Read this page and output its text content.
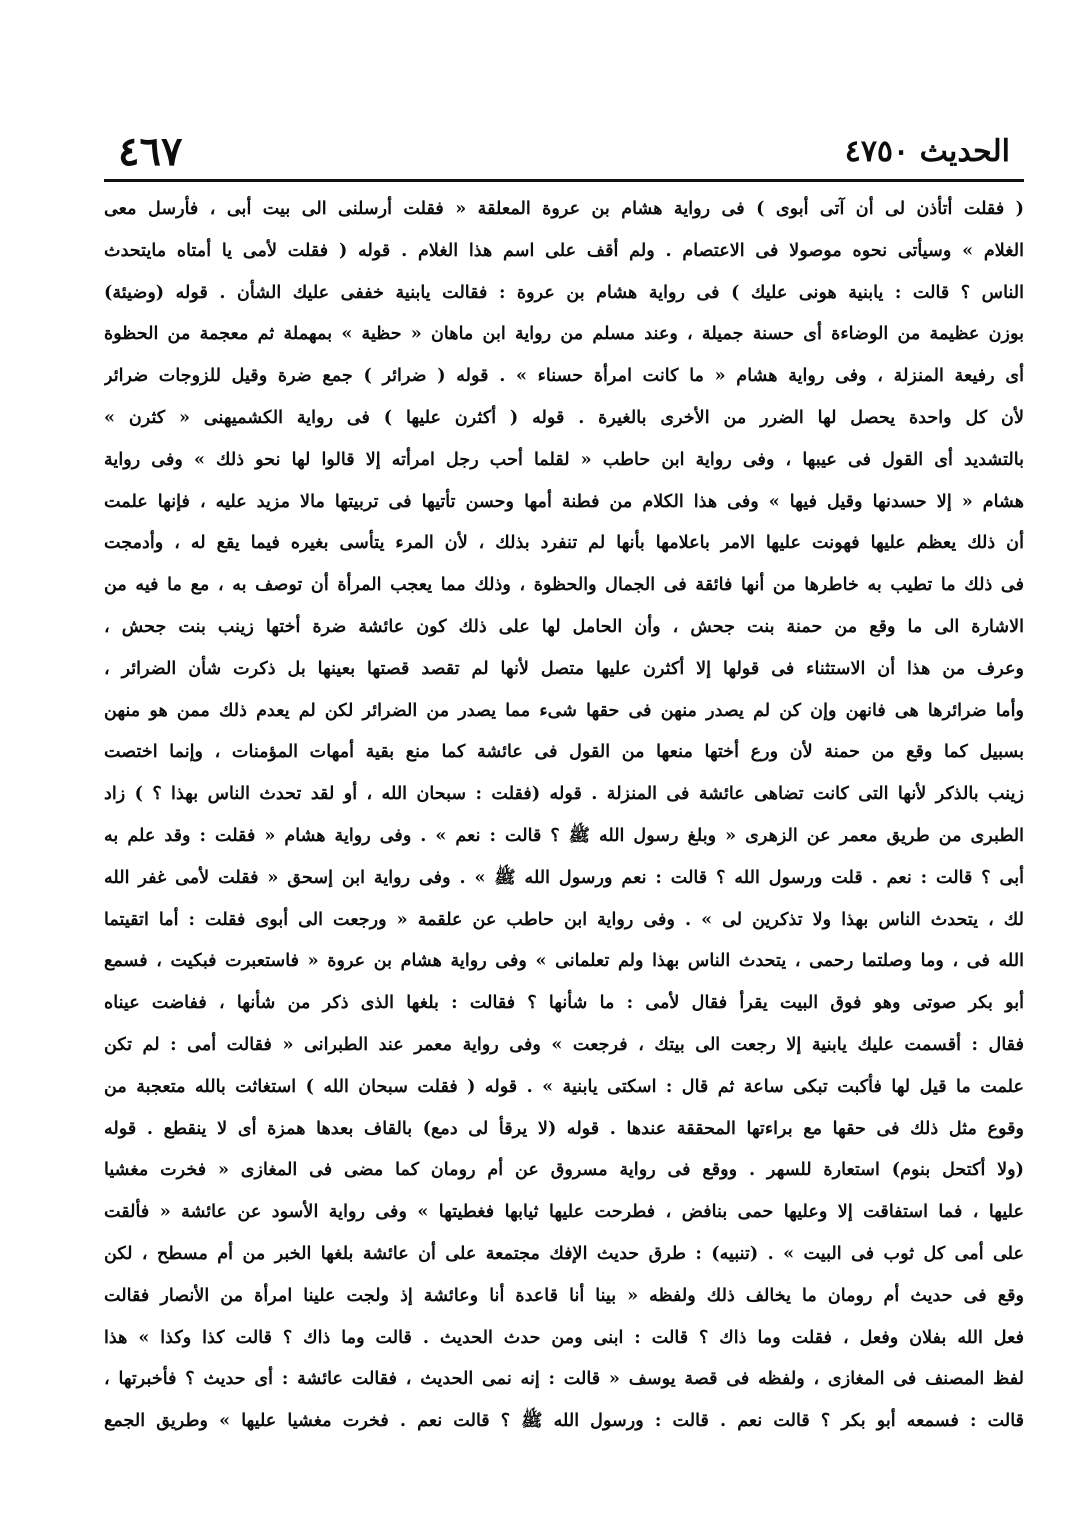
الحديث ٤٧٥٠
٤٦٧
( فقلت أتأذن لى أن آتى أبوى ) فى رواية هشام بن عروة المعلقة « فقلت أرسلنى الى بيت أبى ، فأرسل معى
الغلام » وسيأتى نحوه موصولا فى الاعتصام . ولم أقف على اسم هذا الغلام . قوله ( فقلت لأمى يا أمتاه مايتحدث
الناس ؟ قالت : يابنية هونى عليك ) فى رواية هشام بن عروة : فقالت يابنية خففى عليك الشأن . قوله (وضيئة)
بوزن عظيمة من الوضاءة أى حسنة جميلة ، وعند مسلم من رواية ابن ماهان « حظية » بمهملة ثم معجمة من الحظوة
أى رفيعة المنزلة ، وفى رواية هشام « ما كانت امرأة حسناء » . قوله ( ضرائر ) جمع ضرة وقيل للزوجات ضرائر
لأن كل واحدة يحصل لها الضرر من الأخرى بالغيرة . قوله ( أكثرن عليها ) فى رواية الكشميهنى « كثرن »
بالتشديد أى القول فى عيبها ، وفى رواية ابن حاطب « لقلما أحب رجل امرأته إلا قالوا لها نحو ذلك » وفى رواية
هشام « إلا حسدنها وقيل فيها » وفى هذا الكلام من فطنة أمها وحسن تأتيها فى تربيتها مالا مزيد عليه ، فإنها علمت
أن ذلك يعظم عليها فهونت عليها الامر باعلامها بأنها لم تنفرد بذلك ، لأن المرء يتأسى بغيره فيما يقع له ، وأدمجت
فى ذلك ما تطيب به خاطرها من أنها فائقة فى الجمال والحظوة ، وذلك مما يعجب المرأة أن توصف به ، مع ما فيه من
الاشارة الى ما وقع من حمنة بنت جحش ، وأن الحامل لها على ذلك كون عائشة ضرة أختها زينب بنت جحش ،
وعرف من هذا أن الاستثناء فى قولها إلا أكثرن عليها متصل لأنها لم تقصد قصتها بعينها بل ذكرت شأن الضرائر ،
وأما ضرائرها هى فانهن وإن كن لم يصدر منهن فى حقها شىء مما يصدر من الضرائر لكن لم يعدم ذلك ممن هو منهن
بسبيل كما وقع من حمنة لأن ورع أختها منعها من القول فى عائشة كما منع بقية أمهات المؤمنات ، وإنما اختصت
زينب بالذكر لأنها التى كانت تضاهى عائشة فى المنزلة . قوله (فقلت : سبحان الله ، أو لقد تحدث الناس بهذا ؟ ) زاد
الطبرى من طريق معمر عن الزهرى « وبلغ رسول الله ﷺ ؟ قالت : نعم » . وفى رواية هشام « فقلت : وقد علم به
أبى ؟ قالت : نعم . قلت ورسول الله ؟ قالت : نعم ورسول الله ﷺ » . وفى رواية ابن إسحق « فقلت لأمى غفر الله
لك ، يتحدث الناس بهذا ولا تذكرين لى » . وفى رواية ابن حاطب عن علقمة « ورجعت الى أبوى فقلت : أما اتقيتما
الله فى ، وما وصلتما رحمى ، يتحدث الناس بهذا ولم تعلمانى » وفى رواية هشام بن عروة « فاستعبرت فبكيت ، فسمع
أبو بكر صوتى وهو فوق البيت يقرأ فقال لأمى : ما شأنها ؟ فقالت : بلغها الذى ذكر من شأنها ، ففاضت عيناه
فقال : أقسمت عليك يابنية إلا رجعت الى بيتك ، فرجعت » وفى رواية معمر عند الطبرانى « فقالت أمى : لم تكن
علمت ما قيل لها فأكبت تبكى ساعة ثم قال : اسكتى يابنية » . قوله ( فقلت سبحان الله ) استغاثت بالله متعجبة من
وقوع مثل ذلك فى حقها مع براءتها المحققة عندها . قوله (لا يرقأ لى دمع) بالقاف بعدها همزة أى لا ينقطع . قوله
(ولا أكتحل بنوم) استعارة للسهر . ووقع فى رواية مسروق عن أم رومان كما مضى فى المغازى « فخرت مغشيا
عليها ، فما استفاقت إلا وعليها حمى بنافض ، فطرحت عليها ثيابها فغطيتها » وفى رواية الأسود عن عائشة « فألقت
على أمى كل ثوب فى البيت » . (تنبيه) : طرق حديث الإفك مجتمعة على أن عائشة بلغها الخبر من أم مسطح ، لكن
وقع فى حديث أم رومان ما يخالف ذلك ولفظه « بينا أنا قاعدة أنا وعائشة إذ ولجت علينا امرأة من الأنصار فقالت
فعل الله بفلان وفعل ، فقلت وما ذاك ؟ قالت : ابنى ومن حدث الحديث . قالت وما ذاك ؟ قالت كذا وكذا » هذا
لفظ المصنف فى المغازى ، ولفظه فى قصة يوسف « قالت : إنه نمى الحديث ، فقالت عائشة : أى حديث ؟ فأخبرتها ،
قالت : فسمعه أبو بكر ؟ قالت نعم . قالت : ورسول الله ﷺ ؟ قالت نعم . فخرت مغشيا عليها » وطريق الجمع
